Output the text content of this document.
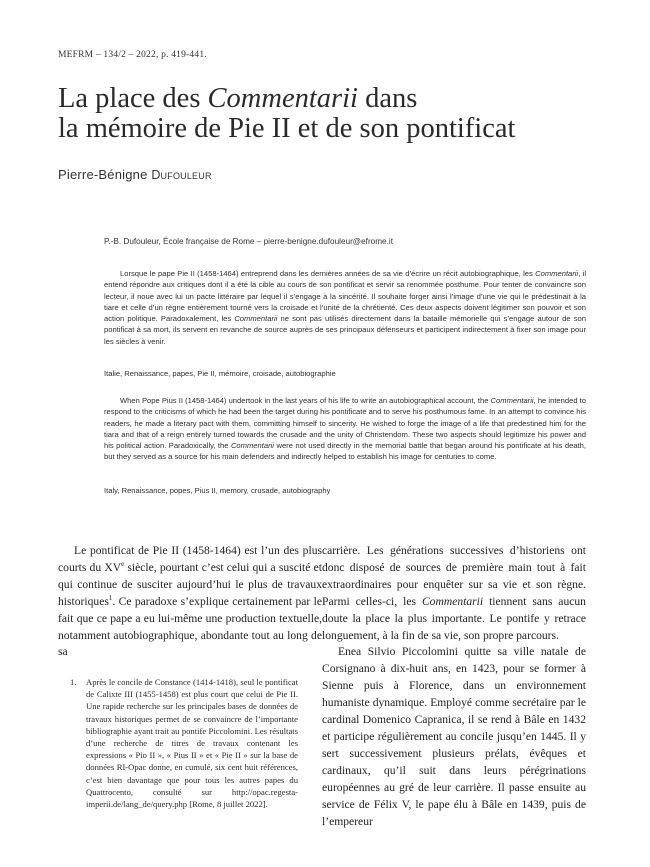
MEFRM – 134/2 – 2022, p. 419-441.
La place des Commentarii dans
la mémoire de Pie II et de son pontificat
Pierre-Bénigne Dufouleur
P.-B. Dufouleur, École française de Rome – pierre-benigne.dufouleur@efrome.it

Lorsque le pape Pie II (1458-1464) entreprend dans les dernières années de sa vie d’écrire un récit autobiographique, les Commentarii, il entend répondre aux critiques dont il a été la cible au cours de son pontificat et servir sa renommée posthume. Pour tenter de convaincre son lecteur, il noue avec lui un pacte littéraire par lequel il s’engage à la sincérité. Il souhaite forger ainsi l’image d’une vie qui le prédestinait à la tiare et celle d’un règne entièrement tourné vers la croisade et l’unité de la chrétienté. Ces deux aspects doivent légitimer son pouvoir et son action politique. Paradoxalement, les Commentarii ne sont pas utilisés directement dans la bataille mémorielle qui s’engage autour de son pontificat à sa mort, ils servent en revanche de source auprès de ses principaux défenseurs et participent indirectement à fixer son image pour les siècles à venir.

Italie, Renaissance, papes, Pie II, mémoire, croisade, autobiographie

When Pope Pius II (1458-1464) undertook in the last years of his life to write an autobiographical account, the Commentarii, he intended to respond to the criticisms of which he had been the target during his pontificate and to serve his posthumous fame. In an attempt to convince his readers, he made a literary pact with them, committing himself to sincerity. He wished to forge the image of a life that predestined him for the tiara and that of a reign entirely turned towards the crusade and the unity of Christendom. These two aspects should legitimize his power and his political action. Paradoxically, the Commentarii were not used directly in the memorial battle that began around his pontificate at his death, but they served as a source for his main defenders and indirectly helped to establish his image for centuries to come.

Italy, Renaissance, popes, Pius II, memory, crusade, autobiography

Le pontificat de Pie II (1458-1464) est l’un des plus courts du XVe siècle, pourtant c’est celui qui a suscité et qui continue de susciter aujourd’hui le plus de travaux historiques$^1$. Ce paradoxe s’explique certainement par le fait que ce pape a eu lui-même une production textuelle, notamment autobiographique, abondante tout au long de sa

carrière. Les générations successives d’historiens ont donc disposé de sources de première main tout à fait extraordinaires pour enquêter sur sa vie et son règne. Parmi celles-ci, les Commentarii tiennent sans aucun doute la place la plus importante. Le pontife y retrace longuement, à la fin de sa vie, son propre parcours.

Enea Silvio Piccolomini quitte sa ville natale de Corsignano à dix-huit ans, en 1423, pour se former à Sienne puis à Florence, dans un environnement humaniste dynamique. Employé comme secrétaire par le cardinal Domenico Capranica, il se rend à Bâle en 1432 et participe régulièrement au concile jusqu’en 1445. Il y sert successivement plusieurs prélats, évêques et cardinaux, qu’il suit dans leurs pérégrinations européennes au gré de leur carrière. Il passe ensuite au service de Félix V, le pape élu à Bâle en 1439, puis de l’empereur

1.	Après le concile de Constance (1414-1418), seul le pontificat de Calixte III (1455-1458) est plus court que celui de Pie II. Une rapide recherche sur les principales bases de données de travaux historiques permet de se convaincre de l’importante bibliographie ayant trait au pontife Piccolomini. Les résultats d’une recherche de titres de travaux contenant les expressions « Pio II », « Pius II » et « Pie II » sur la base de données RI-Opac donne, en cumulé, six cent huit références, c’est bien davantage que pour tous les autres papes du Quattrocento, consulté sur http://opac.regesta-imperii.de/lang_de/query.php [Rome, 8 juillet 2022].
